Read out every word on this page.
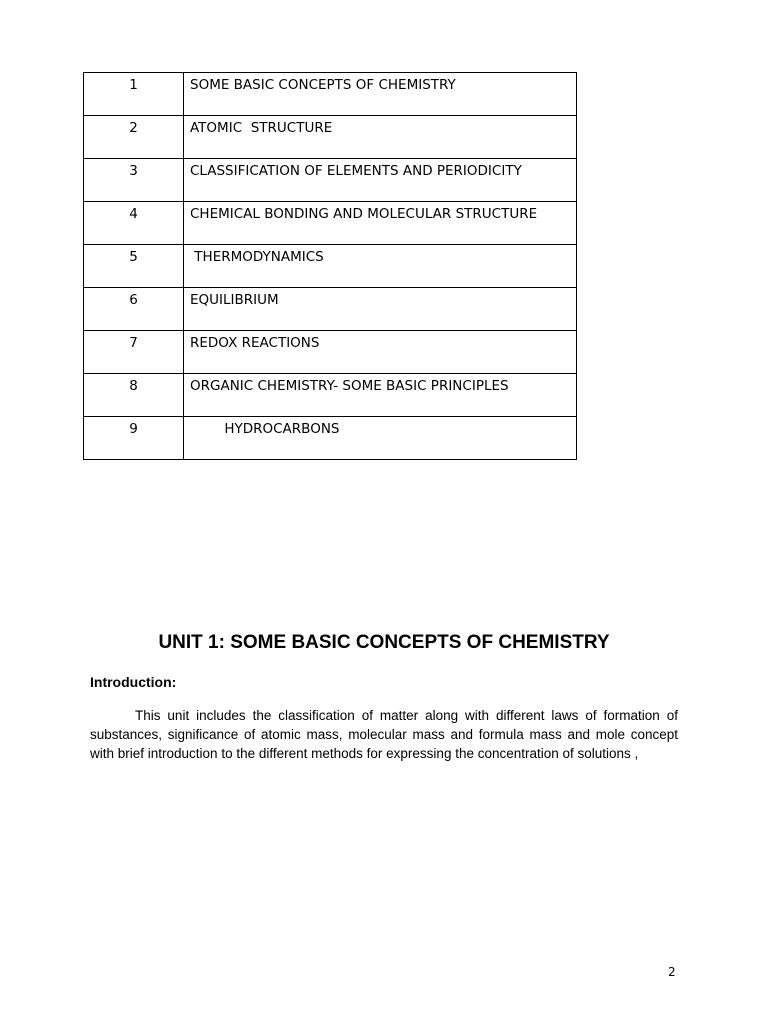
1	SOME BASIC CONCEPTS OF CHEMISTRY
2	ATOMIC  STRUCTURE
3	CLASSIFICATION OF ELEMENTS AND PERIODICITY
4	CHEMICAL BONDING AND MOLECULAR STRUCTURE
5	THERMODYNAMICS
6	EQUILIBRIUM
7	REDOX REACTIONS
8	ORGANIC CHEMISTRY- SOME BASIC PRINCIPLES
9	HYDROCARBONS
UNIT 1: SOME BASIC CONCEPTS OF CHEMISTRY

Introduction:

This unit includes the classification of matter along with different laws of formation of substances, significance of atomic mass, molecular mass and formula mass and mole concept with brief introduction to the different methods for expressing the concentration of solutions ,

2
